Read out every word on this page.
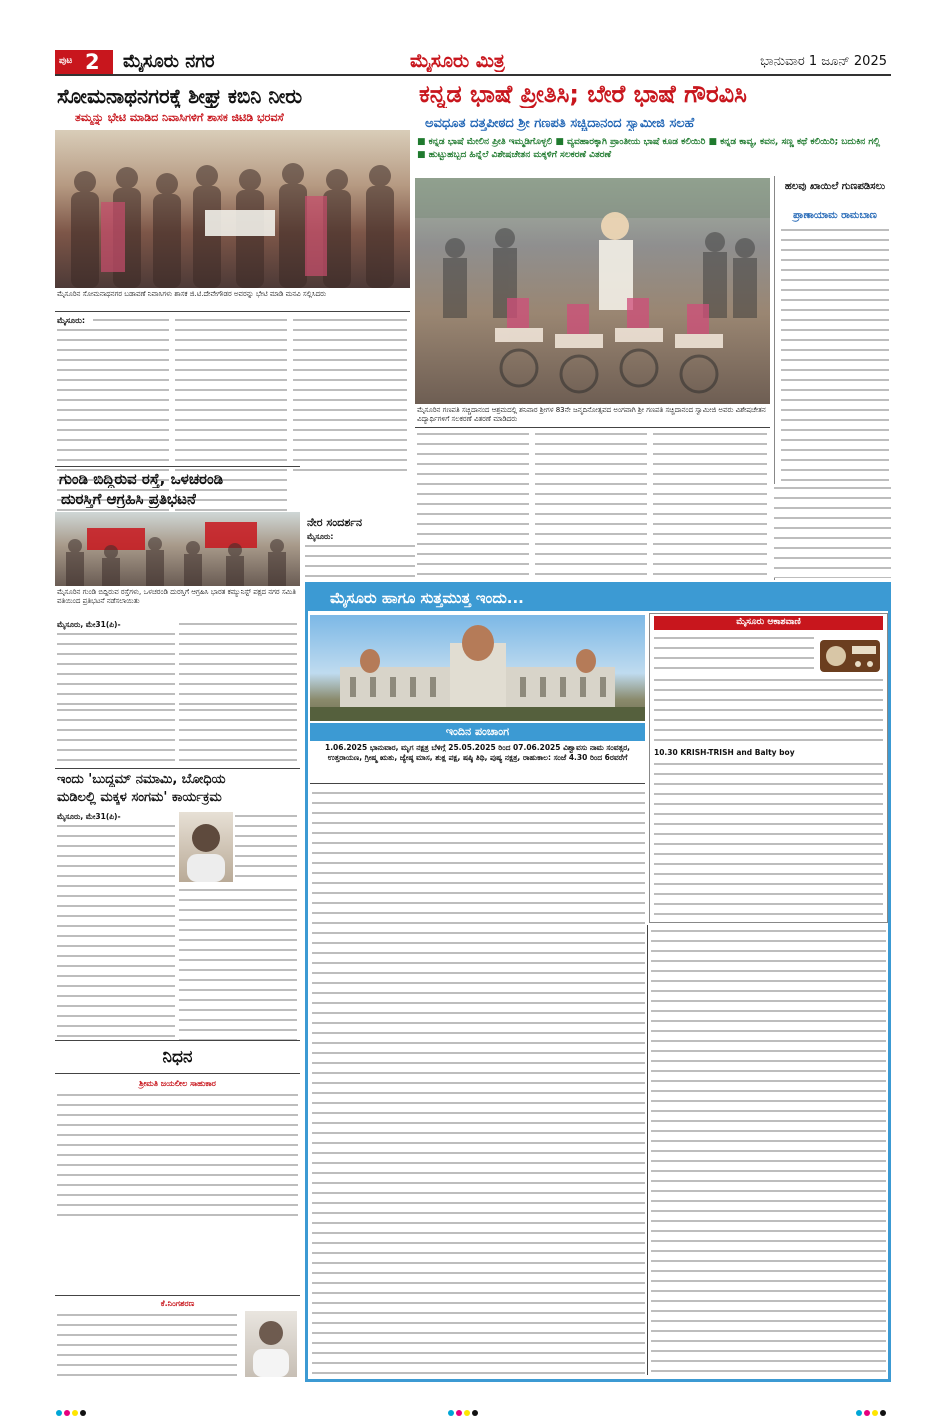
ಪುಟ 2 ಮೈಸೂರು ನಗರ	ಮೈಸೂರು ಮಿತ್ರ	ಭಾನುವಾರ 1 ಜೂನ್ 2025
ಸೋಮನಾಥನಗರಕ್ಕೆ ಶೀಘ್ರ ಕಬಿನಿ ನೀರು
ತಮ್ಮನ್ನು ಭೇಟಿ ಮಾಡಿದ ನಿವಾಸಿಗಳಿಗೆ ಶಾಸಕ ಜಿಟಿಡಿ ಭರವಸೆ
ಮೈಸೂರಿನ ಸೋಮನಾಥನಗರ ಬಡಾವಣೆ ನಿವಾಸಿಗಳು ಶಾಸಕ ಜಿ.ಟಿ.ದೇವೇಗೌಡರ ಅವರನ್ನು ಭೇಟಿ ಮಾಡಿ ಮನವಿ ಸಲ್ಲಿಸಿದರು
ಮೈಸೂರು:
ಗುಂಡಿ ಬಿದ್ದಿರುವ ರಸ್ತೆ, ಒಳಚರಂಡಿ
ದುರಸ್ತಿಗೆ ಆಗ್ರಹಿಸಿ ಪ್ರತಿಭಟನೆ
ಮೈಸೂರಿನ ಗುಂಡಿ ಬಿದ್ದಿರುವ ರಸ್ತೆಗಳು, ಒಳಚರಂಡಿ ದುರಸ್ತಿಗೆ ಆಗ್ರಹಿಸಿ ಭಾರತ ಕಮ್ಯುನಿಸ್ಟ್ ಪಕ್ಷದ ನಗರ ಸಮಿತಿ ವತಿಯಿಂದ ಪ್ರತಿಭಟನೆ ನಡೆಸಲಾಯಿತು
ಮೈಸೂರು, ಮೇ31(ಪಿ)-
ನೇರ ಸಂದರ್ಶನ
ಮೈಸೂರು:
ಕನ್ನಡ ಭಾಷೆ ಪ್ರೀತಿಸಿ; ಬೇರೆ ಭಾಷೆ ಗೌರವಿಸಿ
ಅವಧೂತ ದತ್ತಪೀಠದ ಶ್ರೀ ಗಣಪತಿ ಸಚ್ಚಿದಾನಂದ ಸ್ವಾಮೀಜಿ ಸಲಹೆ
■ ಕನ್ನಡ ಭಾಷೆ ಮೇಲಿನ ಪ್ರೀತಿ ಇಮ್ಮಡಿಗೊಳ್ಳಲಿ ■ ವ್ಯವಹಾರಕ್ಕಾಗಿ ಪ್ರಾಂತೀಯ ಭಾಷೆ ಕೂಡ ಕಲಿಯಿರಿ ■ ಕನ್ನಡ ಕಾವ್ಯ, ಕವನ, ಸಣ್ಣ ಕಥೆ ಕಲಿಯಿರಿ; ಬದುಕಿನ ಗಲ್ಲಿ ■ ಹುಟ್ಟುಹಬ್ಬದ ಹಿನ್ನೆಲೆ ವಿಶೇಷಚೇತನ ಮಕ್ಕಳಿಗೆ ಸಲಕರಣೆ ವಿತರಣೆ
ಮೈಸೂರಿನ ಗಣಪತಿ ಸಚ್ಚಿದಾನಂದ ಆಶ್ರಮದಲ್ಲಿ ಶನಿವಾರ ಶ್ರೀಗಳ 83ನೇ ಜನ್ಮದಿನೋತ್ಸವದ ಅಂಗವಾಗಿ ಶ್ರೀ ಗಣಪತಿ ಸಚ್ಚಿದಾನಂದ ಸ್ವಾಮೀಜಿ ಅವರು ವಿಶೇಷಚೇತನ ವಿದ್ಯಾರ್ಥಿಗಳಿಗೆ ಸಲಕರಣೆ ವಿತರಣೆ ಮಾಡಿದರು
ಹಲವು ಖಾಯಿಲೆ ಗುಣಪಡಿಸಲು
ಪ್ರಾಣಾಯಾಮ ರಾಮಬಾಣ
ಇಂದು 'ಬುದ್ಧಮ್ ನಮಾಮಿ, ಬೋಧಿಯ
ಮಡಿಲಲ್ಲಿ ಮಕ್ಕಳ ಸಂಗಮ' ಕಾರ್ಯಕ್ರಮ
ಮೈಸೂರು, ಮೇ31(ಪಿ)-
ನಿಧನ
ಶ್ರೀಮತಿ ಜಯಲೀಲ ಸಾಹುಕಾರ
ಕೆ.ನಿಂಗಶರಣ
ಮೈಸೂರು ಹಾಗೂ ಸುತ್ತಮುತ್ತ ಇಂದು...
ಇಂದಿನ ಪಂಚಾಂಗ
1.06.2025 ಭಾನುವಾರ, ಮೃಗ ನಕ್ಷತ್ರ ಬೆಳಿಗ್ಗೆ 25.05.2025 ರಿಂದ 07.06.2025 ವಿಶ್ವಾವಸು ನಾಮ ಸಂವತ್ಸರ, ಉತ್ತರಾಯಣ, ಗ್ರೀಷ್ಮ ಋತು, ಜ್ಯೇಷ್ಠ ಮಾಸ, ಶುಕ್ಲ ಪಕ್ಷ, ಷಷ್ಠಿ ತಿಥಿ, ಪುಷ್ಯ ನಕ್ಷತ್ರ, ರಾಹುಕಾಲ: ಸಂಜೆ 4.30 ರಿಂದ 6ರವರೆಗೆ
ಮೈಸೂರು ಆಕಾಶವಾಣಿ
10.30 KRISH-TRISH and Balty boy
